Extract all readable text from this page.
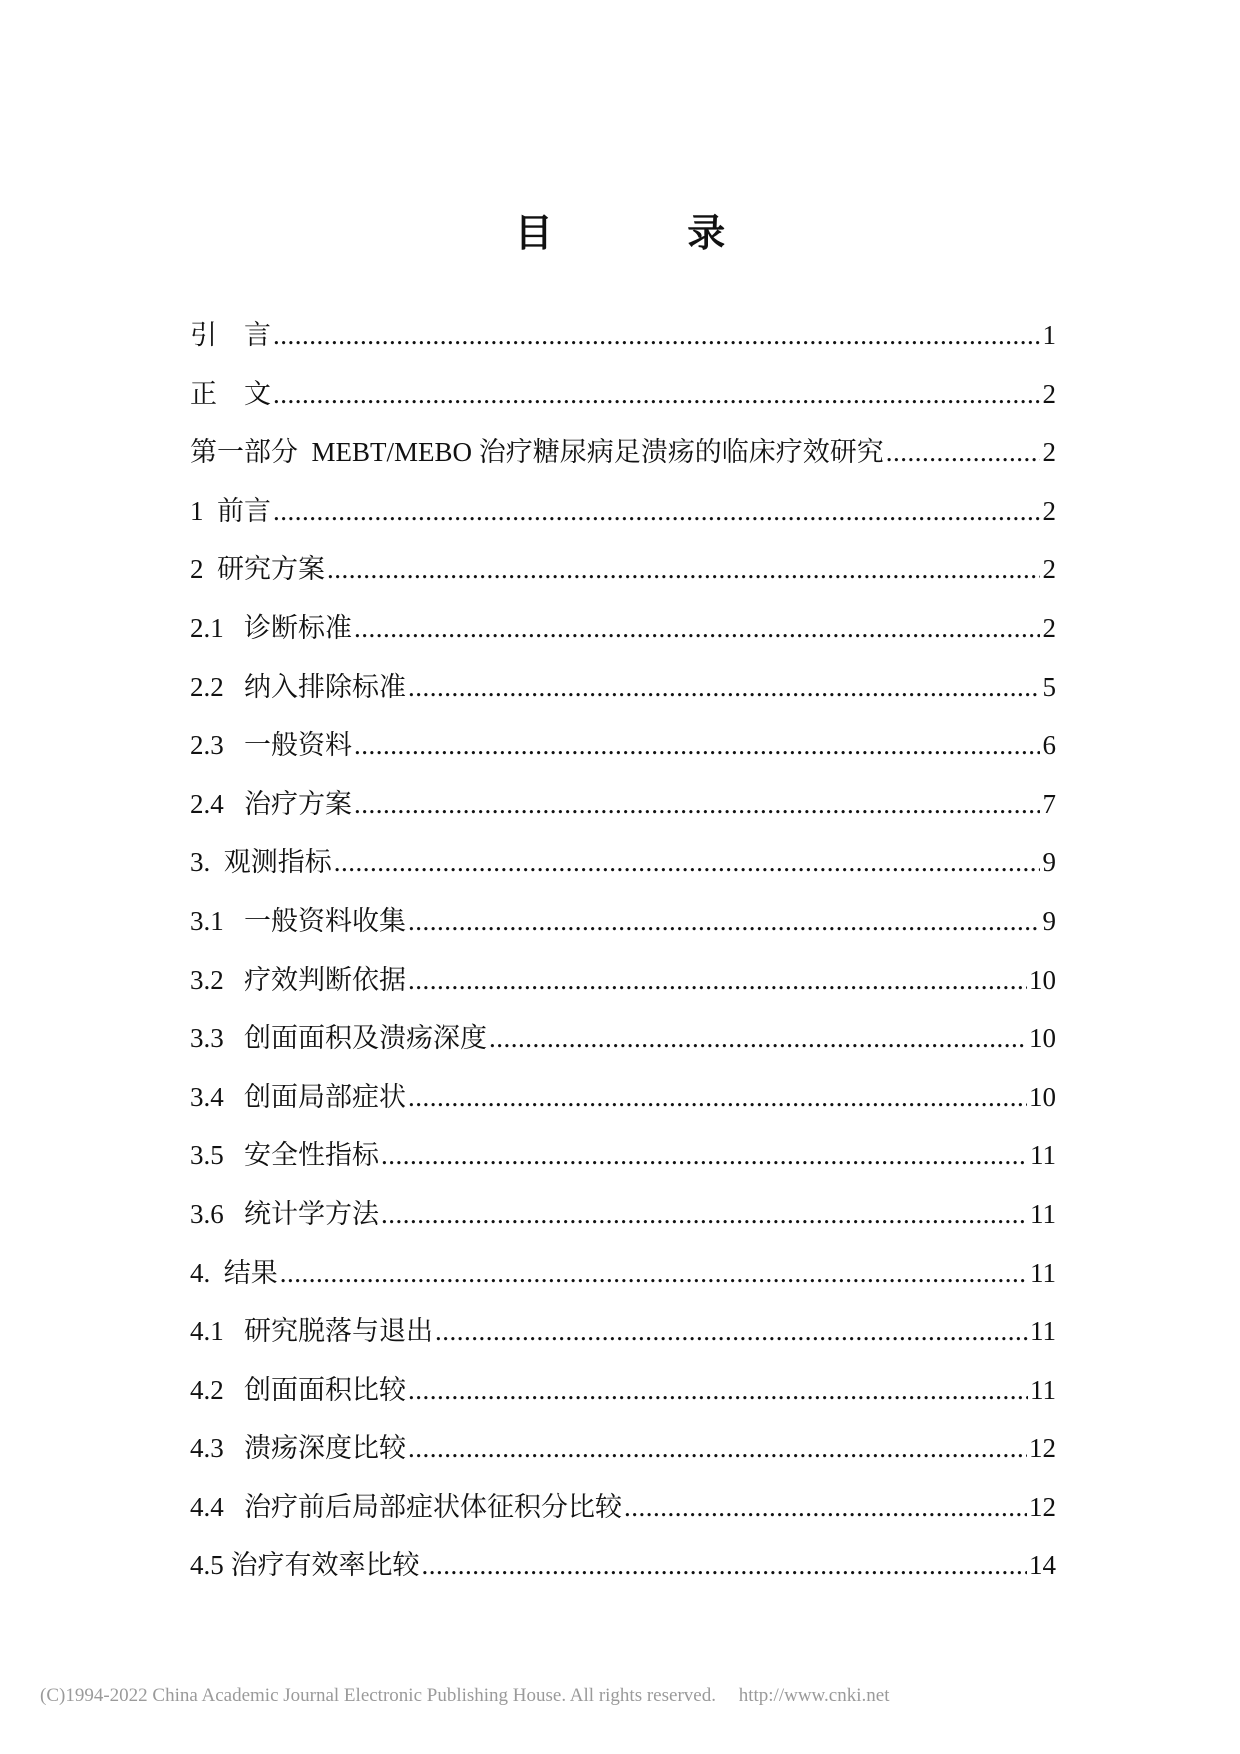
目  录
引    言 .....	1
正    文 .....	2
第一部分  MEBT/MEBO 治疗糖尿病足溃疡的临床疗效研究 .....	2
1  前言 .....	2
2  研究方案 .....	2
2.1   诊断标准 .....	2
2.2   纳入排除标准 .....	5
2.3   一般资料 .....	6
2.4   治疗方案 .....	7
3.  观测指标 .....	9
3.1   一般资料收集 .....	9
3.2   疗效判断依据 .....	10
3.3   创面面积及溃疡深度 .....	10
3.4   创面局部症状 .....	10
3.5   安全性指标 .....	11
3.6   统计学方法 .....	11
4.  结果 .....	11
4.1   研究脱落与退出 .....	11
4.2   创面面积比较 .....	11
4.3   溃疡深度比较 .....	12
4.4   治疗前后局部症状体征积分比较 .....	12
4.5 治疗有效率比较 .....	14
(C)1994-2022 China Academic Journal Electronic Publishing House. All rights reserved. http://www.cnki.net
